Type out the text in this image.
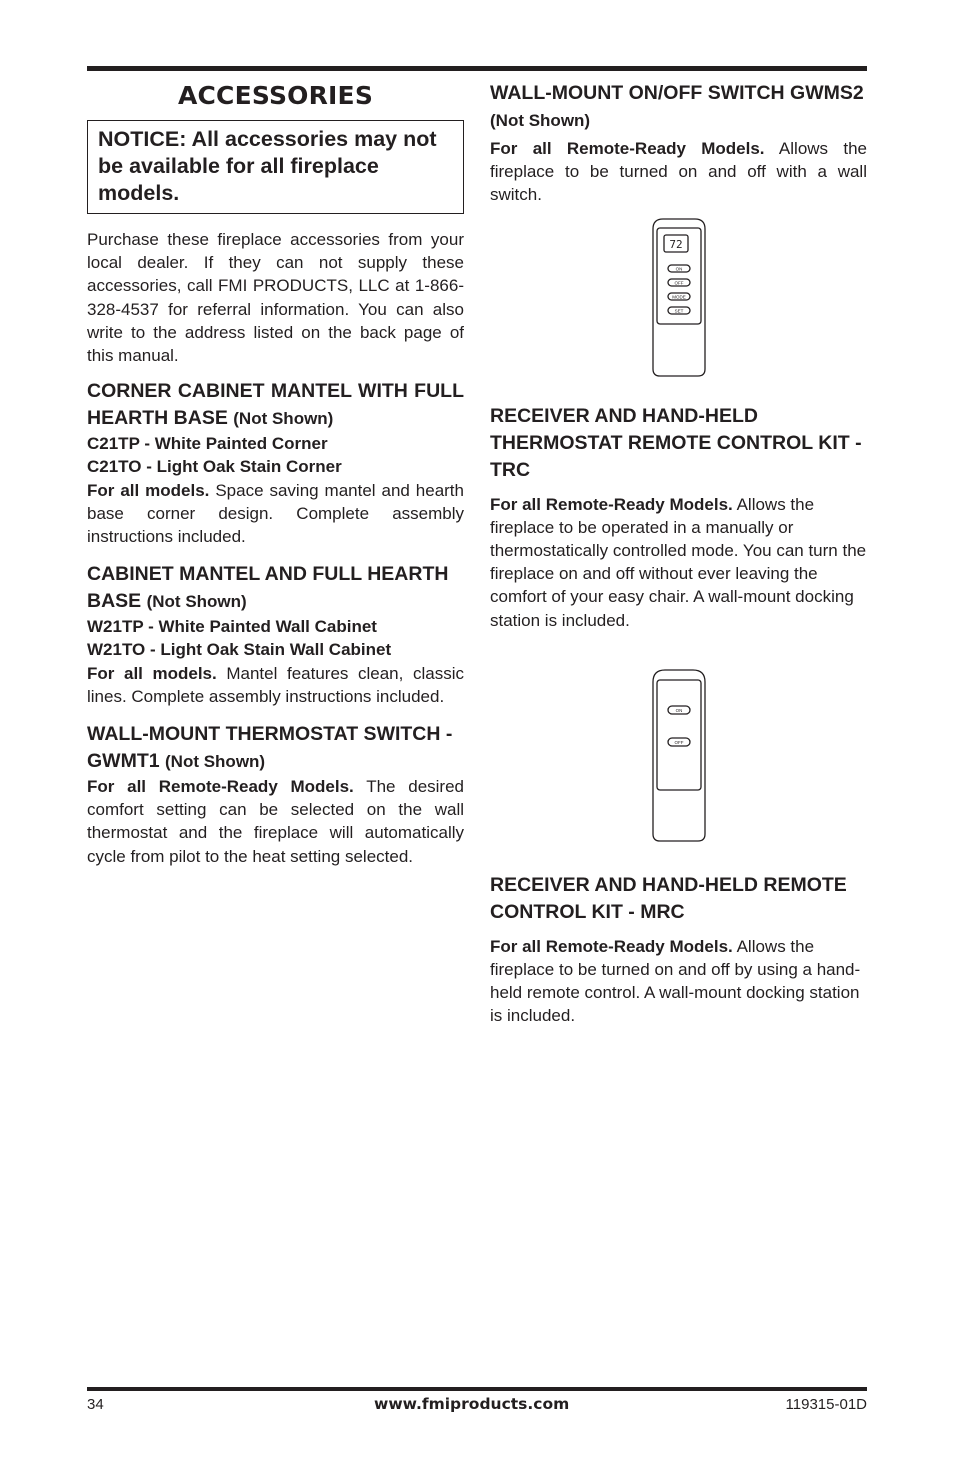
ACCESSORIES
NOTICE: All accessories may not be available for all fireplace models.

Purchase these fireplace accessories from your local dealer. If they can not supply these accessories, call FMI PRODUCTS, LLC at 1-866-328-4537 for referral information. You can also write to the address listed on the back page of this manual.

CORNER CABINET MANTEL WITH FULL HEARTH BASE (Not Shown)

C21TP - White Painted Corner

C21TO - Light Oak Stain Corner

For all models. Space saving mantel and hearth base corner design. Complete assembly instructions included.

CABINET MANTEL AND FULL HEARTH BASE (Not Shown)

W21TP - White Painted Wall Cabinet

W21TO - Light Oak Stain Wall Cabinet

For all models. Mantel features clean, classic lines. Complete assembly instructions included.

WALL-MOUNT THERMOSTAT SWITCH - GWMT1 (Not Shown)

For all Remote-Ready Models. The desired comfort setting can be selected on the wall thermostat and the fireplace will automatically cycle from pilot to the heat setting selected.

WALL-MOUNT ON/OFF SWITCH GWMS2 (Not Shown)

For all Remote-Ready Models. Allows the fireplace to be turned on and off with a wall switch.

72
ON
OFF
MODE
SET

RECEIVER AND HAND-HELD THERMOSTAT REMOTE CONTROL KIT - TRC

For all Remote-Ready Models. Allows the fireplace to be operated in a manually or thermostatically controlled mode. You can turn the fireplace on and off without ever leaving the comfort of your easy chair. A wall-mount docking station is included.

ON
OFF

RECEIVER AND HAND-HELD REMOTE CONTROL KIT - MRC

For all Remote-Ready Models. Allows the fireplace to be turned on and off by using a hand-held remote control. A wall-mount docking station is included.

34	www.fmiproducts.com	119315-01D
